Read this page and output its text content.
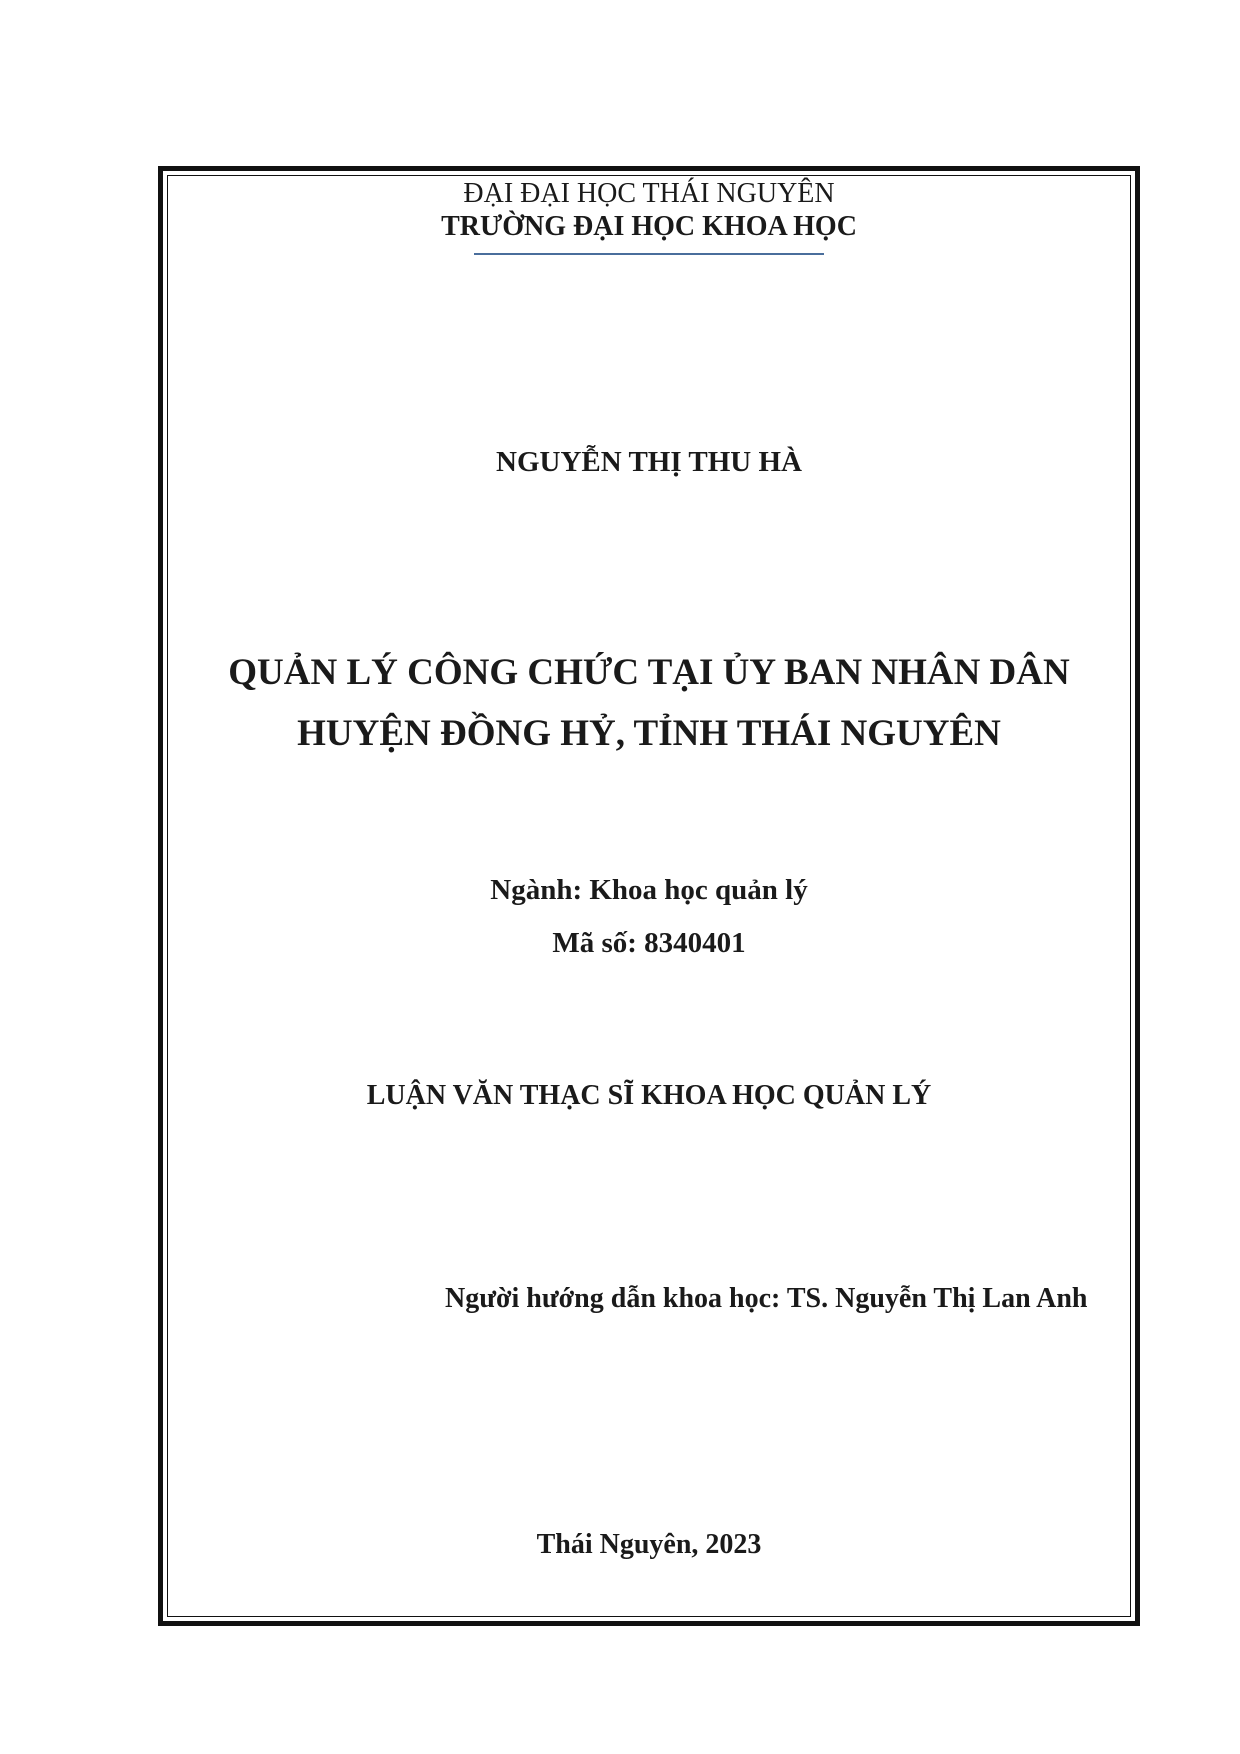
ĐẠI ĐẠI HỌC THÁI NGUYÊN
TRƯỜNG ĐẠI HỌC KHOA HỌC
NGUYỄN THỊ THU HÀ
QUẢN LÝ CÔNG CHỨC TẠI ỦY BAN NHÂN DÂN
HUYỆN ĐỒNG HỶ, TỈNH THÁI NGUYÊN
Ngành: Khoa học quản lý
Mã số: 8340401
LUẬN VĂN THẠC SĨ KHOA HỌC QUẢN LÝ
Người hướng dẫn khoa học: TS. Nguyễn Thị Lan Anh
Thái Nguyên, 2023
